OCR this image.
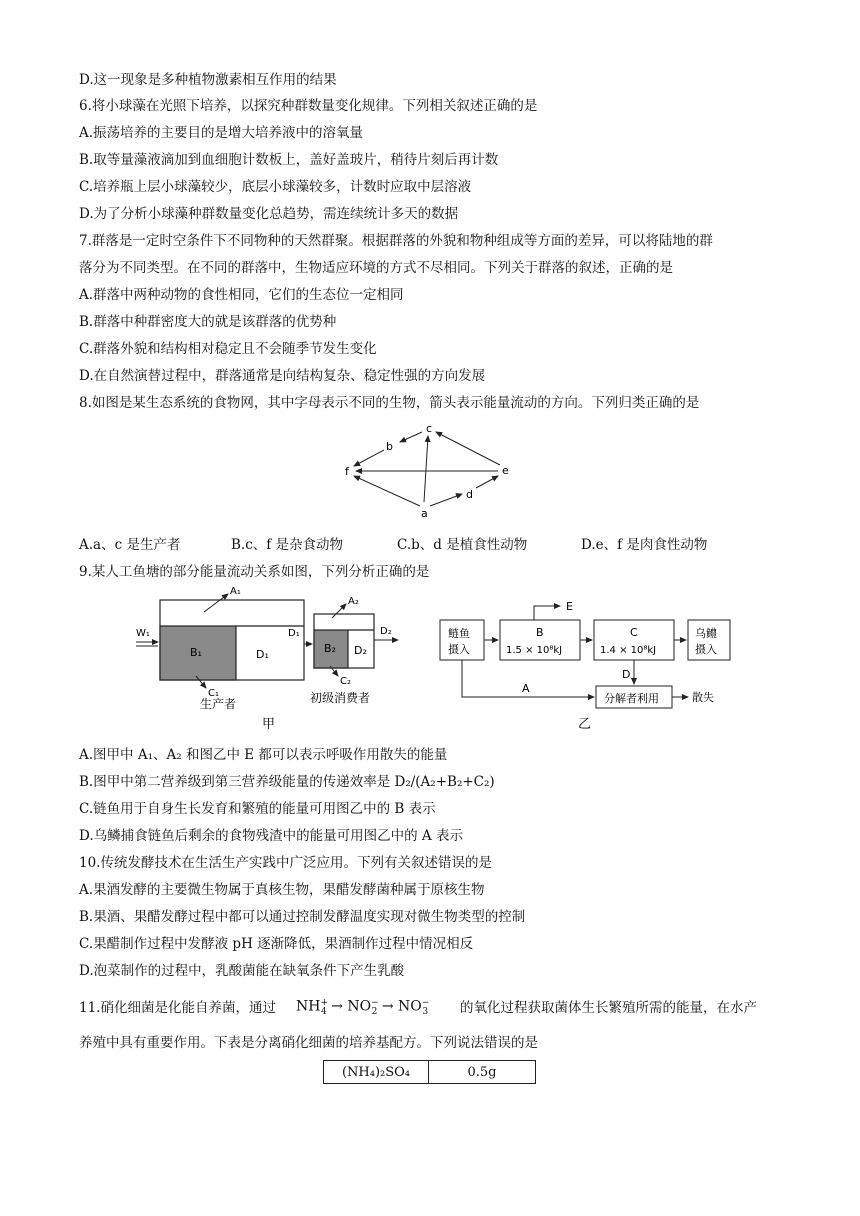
D.这一现象是多种植物激素相互作用的结果
6.将小球藻在光照下培养，以探究种群数量变化规律。下列相关叙述正确的是
A.振荡培养的主要目的是增大培养液中的溶氧量
B.取等量藻液滴加到血细胞计数板上，盖好盖玻片，稍待片刻后再计数
C.培养瓶上层小球藻较少，底层小球藻较多，计数时应取中层溶液
D.为了分析小球藻种群数量变化总趋势，需连续统计多天的数据
7.群落是一定时空条件下不同物种的天然群聚。根据群落的外貌和物种组成等方面的差异，可以将陆地的群
落分为不同类型。在不同的群落中，生物适应环境的方式不尽相同。下列关于群落的叙述，正确的是
A.群落中两种动物的食性相同，它们的生态位一定相同
B.群落中种群密度大的就是该群落的优势种
C.群落外貌和结构相对稳定且不会随季节发生变化
D.在自然演替过程中，群落通常是向结构复杂、稳定性强的方向发展
8.如图是某生态系统的食物网，其中字母表示不同的生物，箭头表示能量流动的方向。下列归类正确的是
c
b
f	e
d
a
A.a、c 是生产者	B.c、f 是杂食动物	C.b、d 是植食性动物	D.e、f 是肉食性动物
9.某人工鱼塘的部分能量流动关系如图，下列分析正确的是
W₁
A₁
B₁	D₁
C₁
生产者
D₁
B₂ D₂
A₂
C₂
D₂
初级消费者
甲
鲢鱼
摄入
B
1.5 × 10⁸kJ
E
C
1.4 × 10⁸kJ
乌鳢
摄入
D
分解者利用
A
散失
乙
A.图甲中 A₁、A₂ 和图乙中 E 都可以表示呼吸作用散失的能量
B.图甲中第二营养级到第三营养级能量的传递效率是 D₂/(A₂+B₂+C₂)
C.链鱼用于自身生长发育和繁殖的能量可用图乙中的 B 表示
D.乌鳞捕食链鱼后剩余的食物残渣中的能量可用图乙中的 A 表示
10.传统发酵技术在生活生产实践中广泛应用。下列有关叙述错误的是
A.果酒发酵的主要微生物属于真核生物，果醋发酵菌种属于原核生物
B.果酒、果醋发酵过程中都可以通过控制发酵温度实现对微生物类型的控制
C.果醋制作过程中发酵液 pH 逐渐降低，果酒制作过程中情况相反
D.泡菜制作的过程中，乳酸菌能在缺氧条件下产生乳酸
11.硝化细菌是化能自养菌，通过 $NH^+_4 \to NO^-_2 \to NO^-_3$ 的氧化过程获取菌体生长繁殖所需的能量，在水产
养殖中具有重要作用。下表是分离硝化细菌的培养基配方。下列说法错误的是
(NH₄)₂SO₄	0.5g
